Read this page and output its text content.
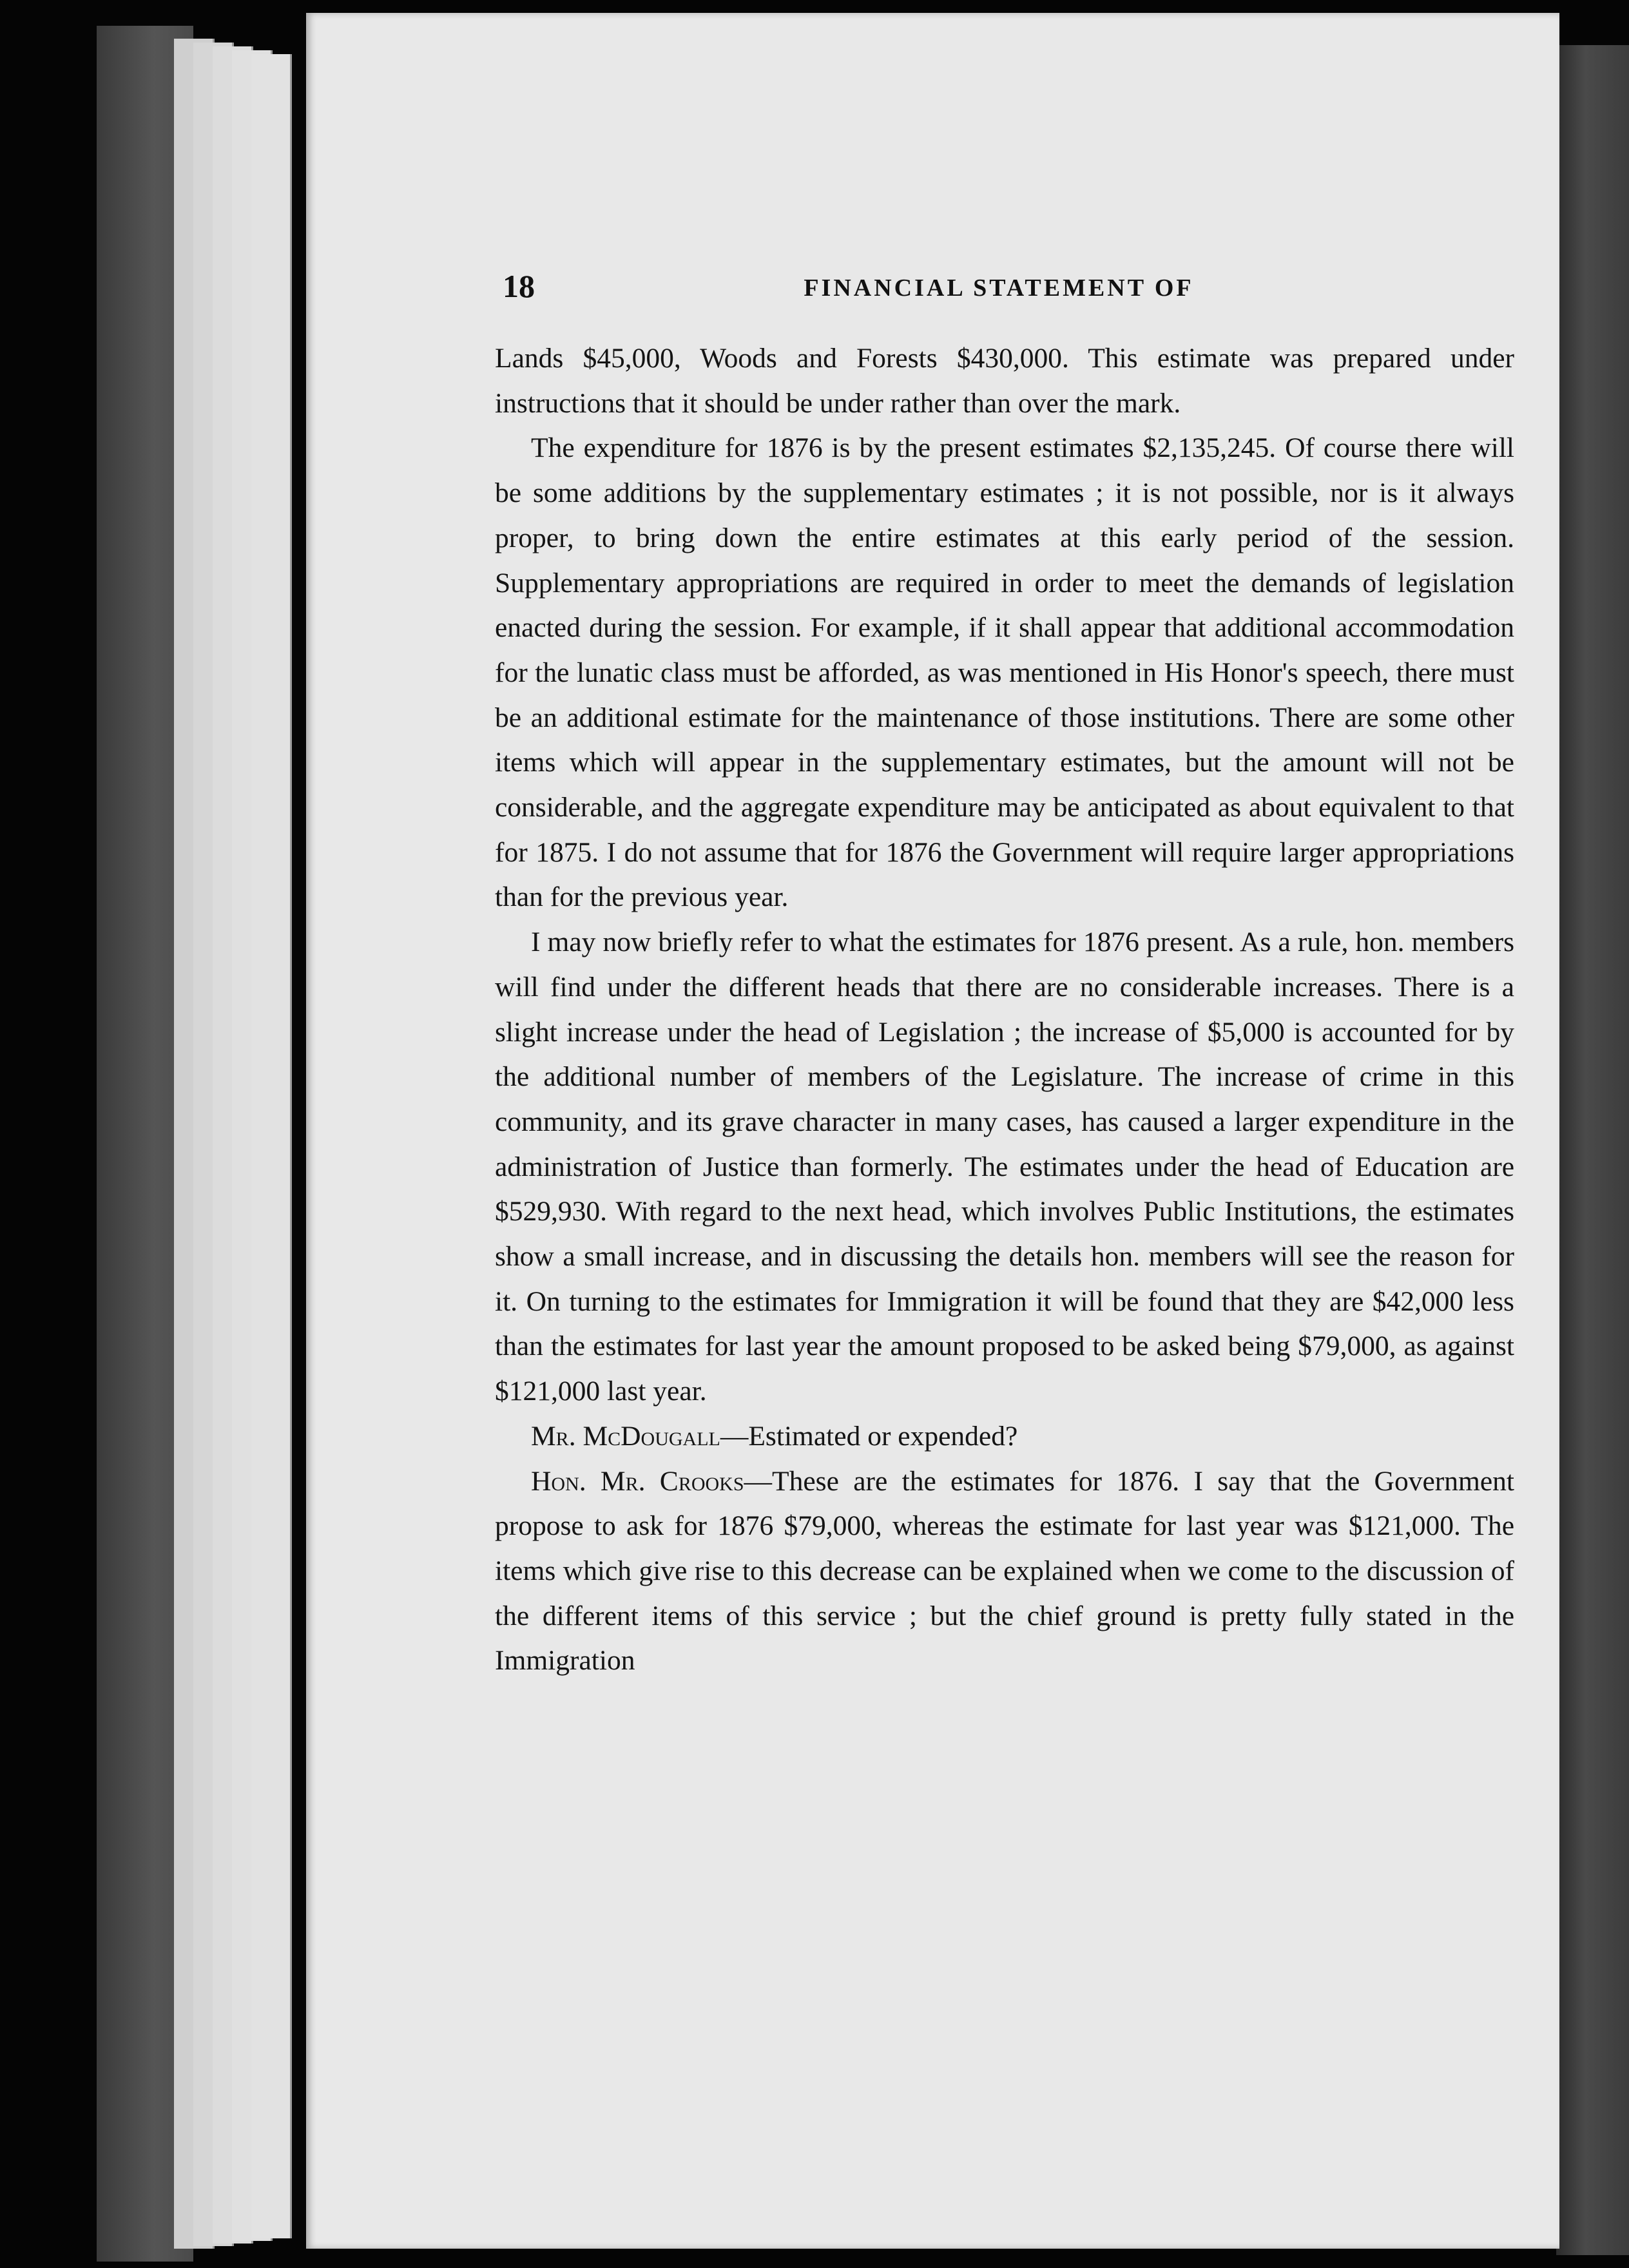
18	FINANCIAL STATEMENT OF

Lands $45,000, Woods and Forests $430,000. This estimate was prepared under instructions that it should be under rather than over the mark.

The expenditure for 1876 is by the present estimates $2,135,245. Of course there will be some additions by the supplementary estimates ; it is not possible, nor is it always proper, to bring down the entire estimates at this early period of the session. Supplementary appropriations are required in order to meet the demands of legislation enacted during the session. For example, if it shall appear that additional accommodation for the lunatic class must be afforded, as was mentioned in His Honor's speech, there must be an additional estimate for the maintenance of those institutions. There are some other items which will appear in the supplementary estimates, but the amount will not be considerable, and the aggregate expenditure may be anticipated as about equivalent to that for 1875. I do not assume that for 1876 the Government will require larger appropriations than for the previous year.

I may now briefly refer to what the estimates for 1876 present. As a rule, hon. members will find under the different heads that there are no considerable increases. There is a slight increase under the head of Legislation ; the increase of $5,000 is accounted for by the additional number of members of the Legislature. The increase of crime in this community, and its grave character in many cases, has caused a larger expenditure in the administration of Justice than formerly. The estimates under the head of Education are $529,930. With regard to the next head, which involves Public Institutions, the estimates show a small increase, and in discussing the details hon. members will see the reason for it. On turning to the estimates for Immigration it will be found that they are $42,000 less than the estimates for last year the amount proposed to be asked being $79,000, as against $121,000 last year.

Mr. McDougall—Estimated or expended?

Hon. Mr. Crooks—These are the estimates for 1876. I say that the Government propose to ask for 1876 $79,000, whereas the estimate for last year was $121,000. The items which give rise to this decrease can be explained when we come to the discussion of the different items of this service ; but the chief ground is pretty fully stated in the Immigration
